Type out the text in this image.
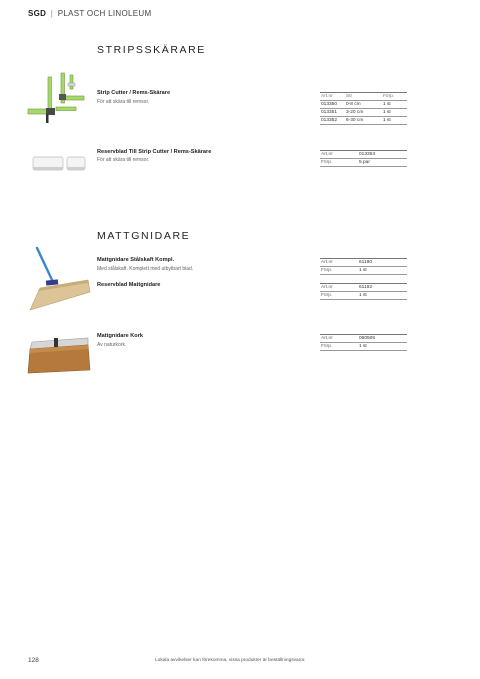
SGD | PLAST OCH LINOLEUM
STRIPSSKÄRARE
Strip Cutter / Rems-Skärare
För att skära till remsor.
Art.nr	Str	Förp.
013350	0-8 cm	1 st
013351	3-20 cm	1 st
013352	6-30 cm	1 st
Reservblad Till Strip Cutter / Rems-Skärare
För att skära till remsor.
Art.nr	013353
Förp.	5 par
MATTGNIDARE
Mattgnidare Stålskaft Kompl.
Med stålskaft. Komplett med utbytbart blad.
Art.nr	61190
Förp.	1 st
Reservblad Mattgnidare	Art.nr	61192
Förp.	1 st
Mattgnidare Kork
Av naturkork.
Art.nr	060505
Förp.	1 st
128	Lokala avvikelser kan förekomma, vissa produkter är beställningsvaror.
